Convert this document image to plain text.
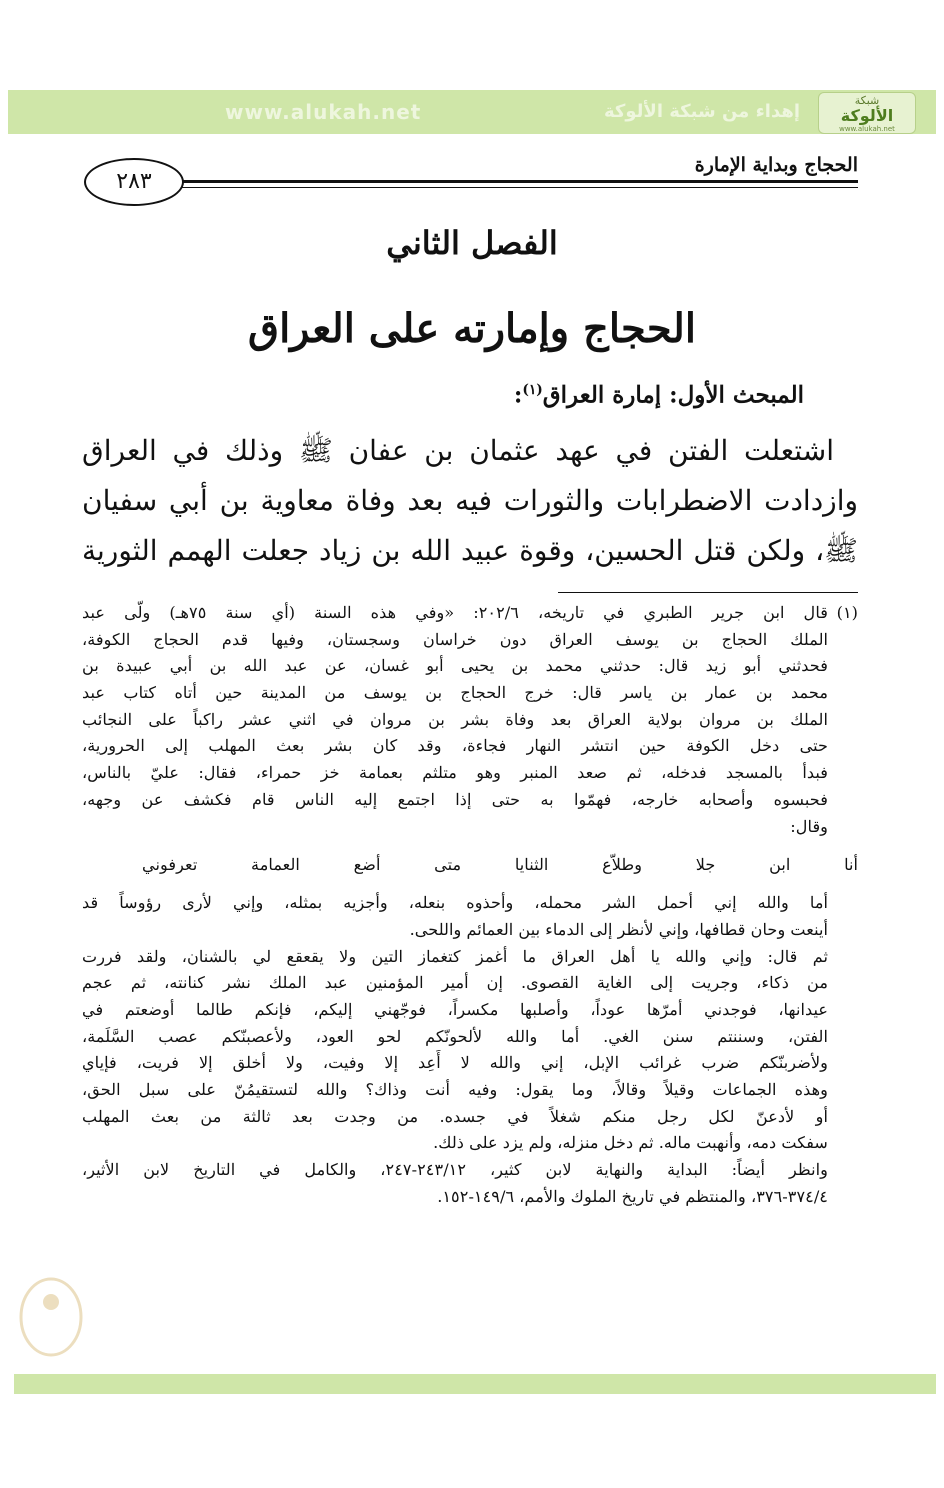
www.alukah.net	إهداء من شبكة الألوكة
شبكة
الألوكة
www.alukah.net
الحجاج وبداية الإمارة
٢٨٣
الفصل الثاني
الحجاج وإمارته على العراق
المبحث الأول: إمارة العراق$^{(١)}$:
اشتعلت الفتن في عهد عثمان بن عفان ﷺ وذلك في العراق
وازدادت الاضطرابات والثورات فيه بعد وفاة معاوية بن أبي سفيان
ﷺ، ولكن قتل الحسين، وقوة عبيد الله بن زياد جعلت الهمم الثورية
(١)
قال ابن جرير الطبري في تاريخه، ٢٠٢/٦: «وفي هذه السنة (أي سنة ٧٥هـ) ولّى عبد
الملك الحجاج بن يوسف العراق دون خراسان وسجستان، وفيها قدم الحجاج الكوفة،
فحدثني أبو زيد قال: حدثني محمد بن يحيى أبو غسان، عن عبد الله بن أبي عبيدة بن
محمد بن عمار بن ياسر قال: خرج الحجاج بن يوسف من المدينة حين أتاه كتاب عبد
الملك بن مروان بولاية العراق بعد وفاة بشر بن مروان في اثني عشر راكباً على النجائب
حتى دخل الكوفة حين انتشر النهار فجاءة، وقد كان بشر بعث المهلب إلى الحرورية،
فبدأ بالمسجد فدخله، ثم صعد المنبر وهو متلثم بعمامة خز حمراء، فقال: عليّ بالناس،
فحبسوه وأصحابه خارجه، فهمّوا به حتى إذا اجتمع إليه الناس قام فكشف عن وجهه،
وقال:
أنا
ابن
جلا
وطلاّع
الثنايا
متى
أضع
العمامة
تعرفوني
أما والله إني أحمل الشر محمله، وأحذوه بنعله، وأجزيه بمثله، وإني لأرى رؤوساً قد
أينعت وحان قطافها، وإني لأنظر إلى الدماء بين العمائم واللحى.
ثم قال: وإني والله يا أهل العراق ما أغمز كتغماز التين ولا يقعقع لي بالشنان، ولقد فررت
من ذكاء، وجريت إلى الغاية القصوى. إن أمير المؤمنين عبد الملك نشر كنانته، ثم عجم
عيدانها، فوجدني أمرّها عوداً، وأصلبها مكسراً، فوجّهني إليكم، فإنكم طالما أوضعتم في
الفتن، وسننتم سنن الغي. أما والله لألحونّكم لحو العود، ولأعصبنّكم عصب السَّلَمة،
ولأضربنّكم ضرب غرائب الإبل، إني والله لا أَعِد إلا وفيت، ولا أخلق إلا فريت، فإياي
وهذه الجماعات وقيلاً وقالاً، وما يقول: وفيه أنت وذاك؟ والله لتستقيمُنّ على سبل الحق،
أو لأدعنّ لكل رجل منكم شغلاً في جسده. من وجدت بعد ثالثة من بعث المهلب
سفكت دمه، وأنهبت ماله. ثم دخل منزله، ولم يزد على ذلك.
وانظر أيضاً: البداية والنهاية لابن كثير، ٢٤٣/١٢-٢٤٧، والكامل في التاريخ لابن الأثير،
٣٧٤/٤-٣٧٦، والمنتظم في تاريخ الملوك والأمم، ١٤٩/٦-١٥٢.
